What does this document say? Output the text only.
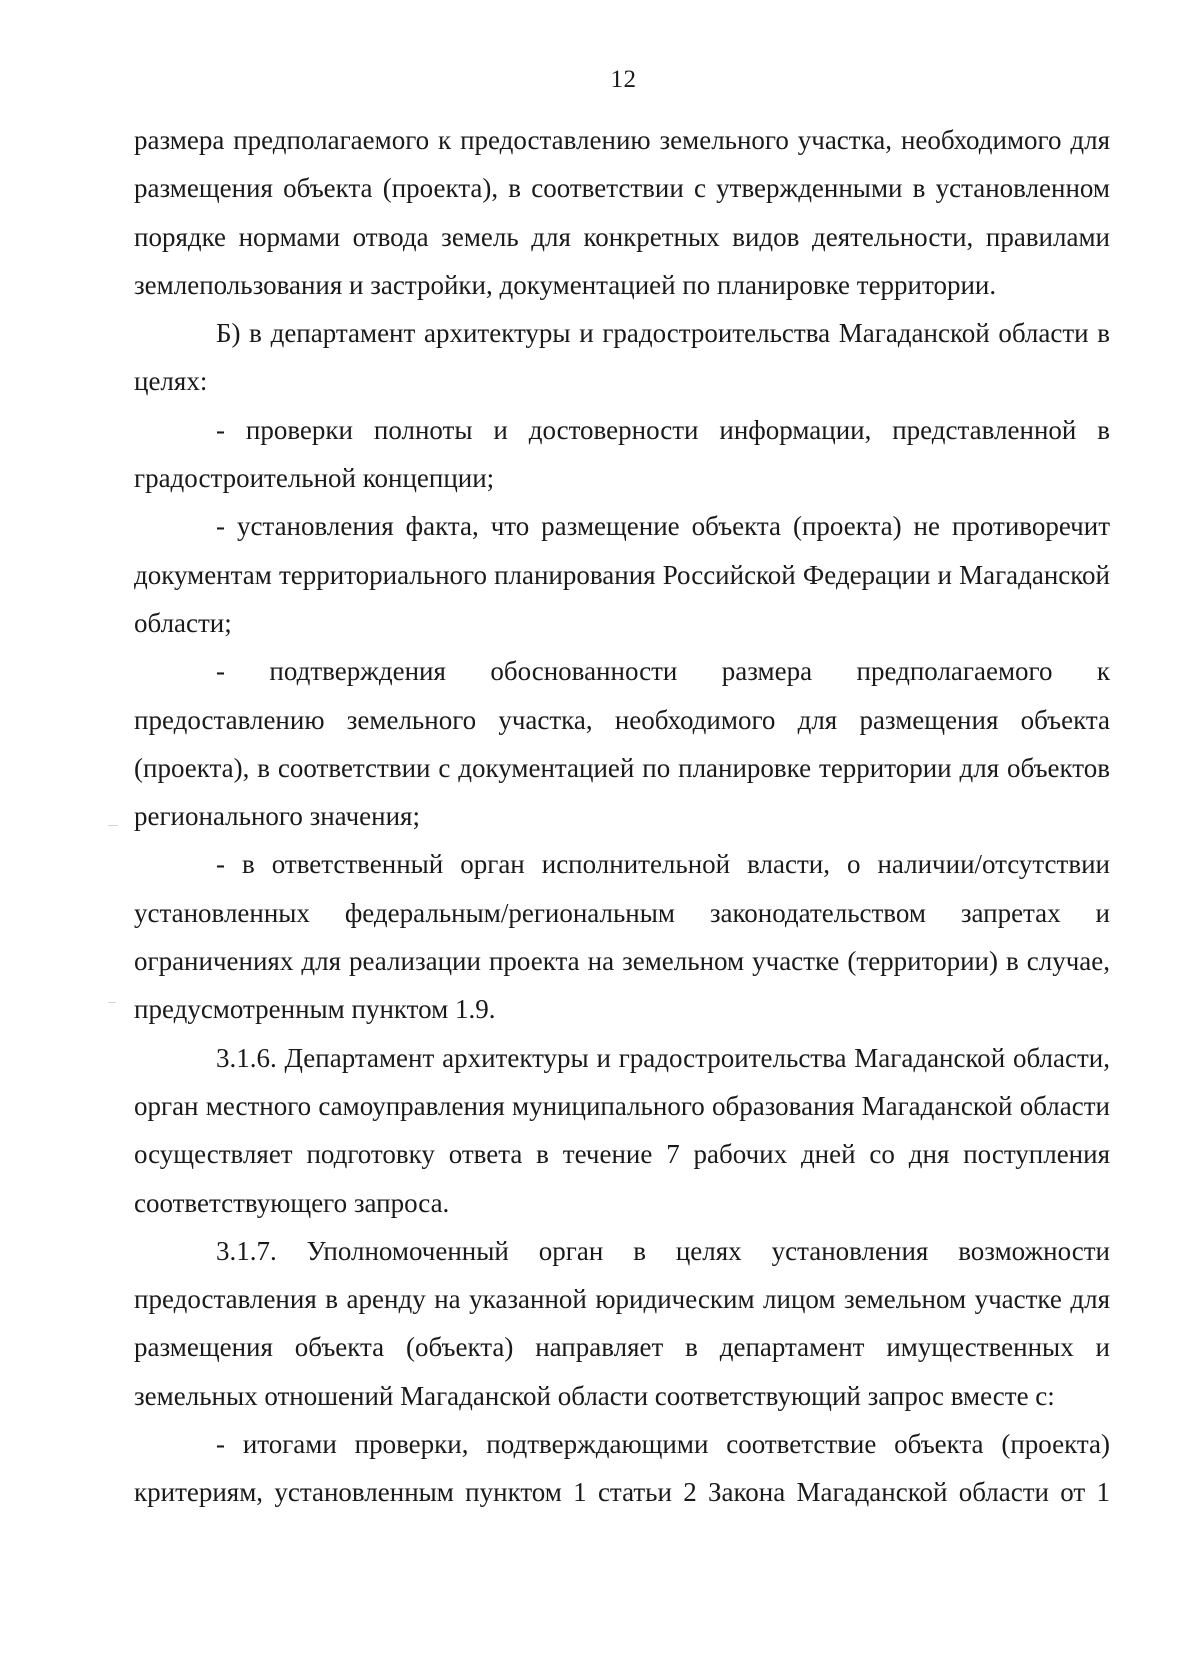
12

размера предполагаемого к предоставлению земельного участка, необходимого для размещения объекта (проекта), в соответствии с утвержденными в установленном порядке нормами отвода земель для конкретных видов деятельности, правилами землепользования и застройки, документацией по планировке территории.

Б) в департамент архитектуры и градостроительства Магаданской области в целях:

- проверки полноты и достоверности информации, представленной в градостроительной концепции;

- установления факта, что размещение объекта (проекта) не противоречит документам территориального планирования Российской Федерации и Магаданской области;

- подтверждения обоснованности размера предполагаемого к предоставлению земельного участка, необходимого для размещения объекта (проекта), в соответствии с документацией по планировке территории для объектов регионального значения;

- в ответственный орган исполнительной власти, о наличии/отсутствии установленных федеральным/региональным законодательством запретах и ограничениях для реализации проекта на земельном участке (территории) в случае, предусмотренным пунктом 1.9.

3.1.6. Департамент архитектуры и градостроительства Магаданской области, орган местного самоуправления муниципального образования Магаданской области осуществляет подготовку ответа в течение 7 рабочих дней со дня поступления соответствующего запроса.

3.1.7. Уполномоченный орган в целях установления возможности предоставления в аренду на указанной юридическим лицом земельном участке для размещения объекта (объекта) направляет в департамент имущественных и земельных отношений Магаданской области соответствующий запрос вместе с:

- итогами проверки, подтверждающими соответствие объекта (проекта) критериям, установленным пунктом 1 статьи 2 Закона Магаданской области от 1
